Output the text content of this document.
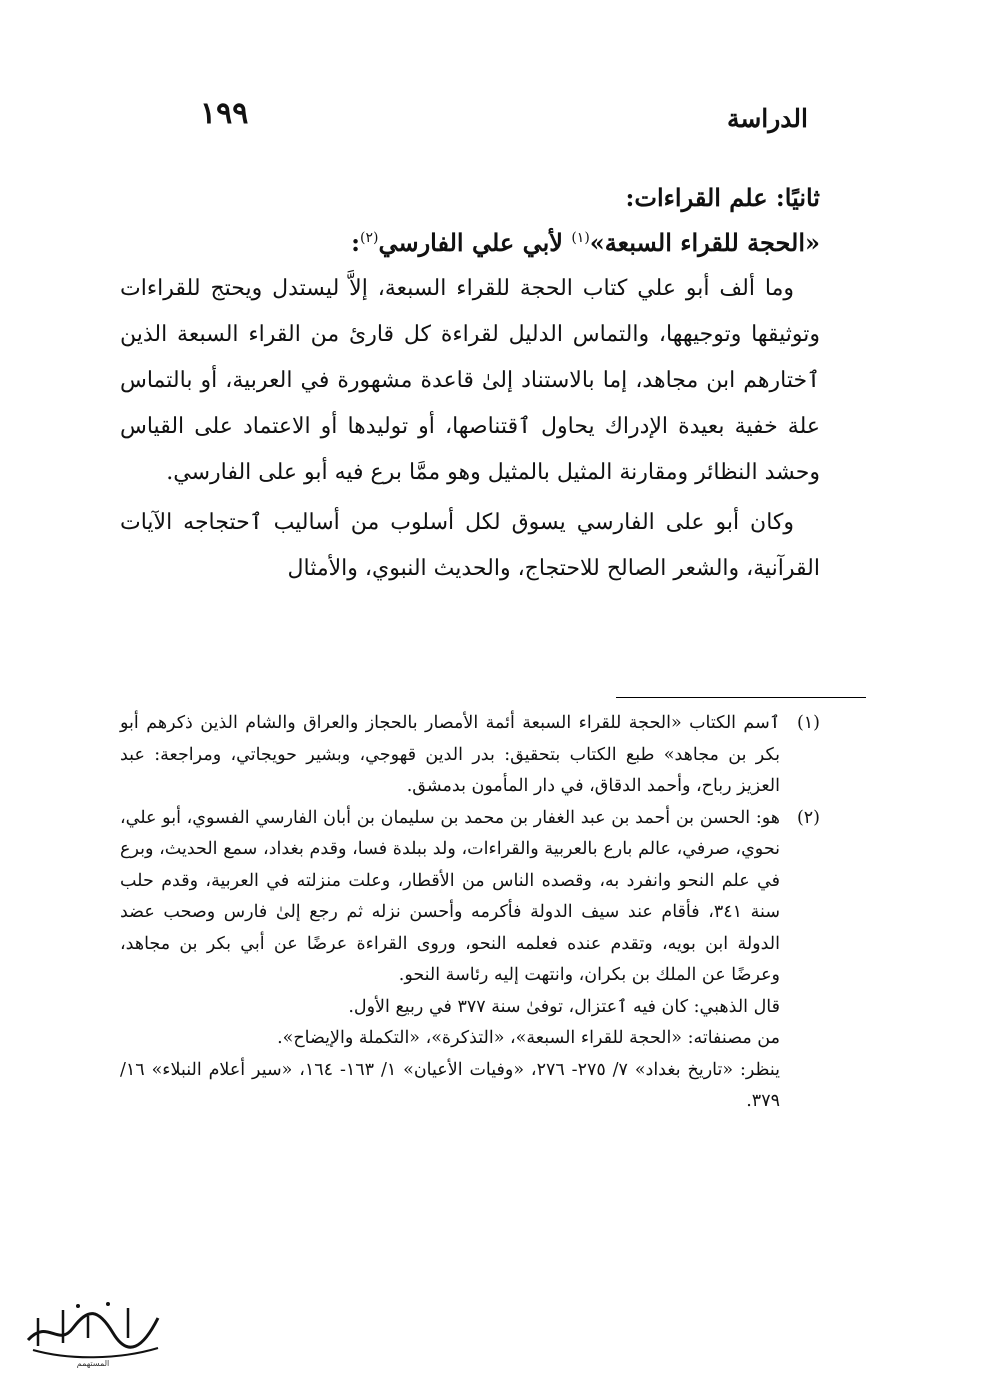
الدراسة
١٩٩
ثانيًا: علم القراءات:
«الحجة للقراء السبعة»$^{(١)}$ لأبي علي الفارسي$^{(٢)}$:

وما ألف أبو علي كتاب الحجة للقراء السبعة، إلاَّ ليستدل ويحتج للقراءات وتوثيقها وتوجيهها، والتماس الدليل لقراءة كل قارئ من القراء السبعة الذين ٱختارهم ابن مجاهد، إما بالاستناد إلىٰ قاعدة مشهورة في العربية، أو بالتماس علة خفية بعيدة الإدراك يحاول ٱقتناصها، أو توليدها أو الاعتماد على القياس وحشد النظائر ومقارنة المثيل بالمثيل وهو ممَّا برع فيه أبو على الفارسي.

وكان أبو على الفارسي يسوق لكل أسلوب من أساليب ٱحتجاجه الآيات القرآنية، والشعر الصالح للاحتجاج، والحديث النبوي، والأمثال

(١)
ٱسم الكتاب «الحجة للقراء السبعة أئمة الأمصار بالحجاز والعراق والشام الذين ذكرهم أبو بكر بن مجاهد» طبع الكتاب بتحقيق: بدر الدين قهوجي، وبشير حويجاتي، ومراجعة: عبد العزيز رباح، وأحمد الدقاق، في دار المأمون بدمشق.
(٢)
هو: الحسن بن أحمد بن عبد الغفار بن محمد بن سليمان بن أبان الفارسي الفسوي، أبو علي، نحوي، صرفي، عالم بارع بالعربية والقراءات، ولد ببلدة فسا، وقدم بغداد، سمع الحديث، وبرع في علم النحو وانفرد به، وقصده الناس من الأقطار، وعلت منزلته في العربية، وقدم حلب سنة ٣٤١، فأقام عند سيف الدولة فأكرمه وأحسن نزله ثم رجع إلىٰ فارس وصحب عضد الدولة ابن بويه، وتقدم عنده فعلمه النحو، وروى القراءة عرضًا عن أبي بكر بن مجاهد، وعرضًا عن الملك بن بكران، وانتهت إليه رئاسة النحو.
قال الذهبي: كان فيه ٱعتزال، توفىٰ سنة ٣٧٧ في ربيع الأول.
من مصنفاته: «الحجة للقراء السبعة»، «التذكرة»، «التكملة والإيضاح».
ينظر: «تاريخ بغداد» ٧/ ٢٧٥- ٢٧٦، «وفيات الأعيان» ١/ ١٦٣- ١٦٤، «سير أعلام النبلاء» ١٦/ ٣٧٩.
المستهمم
